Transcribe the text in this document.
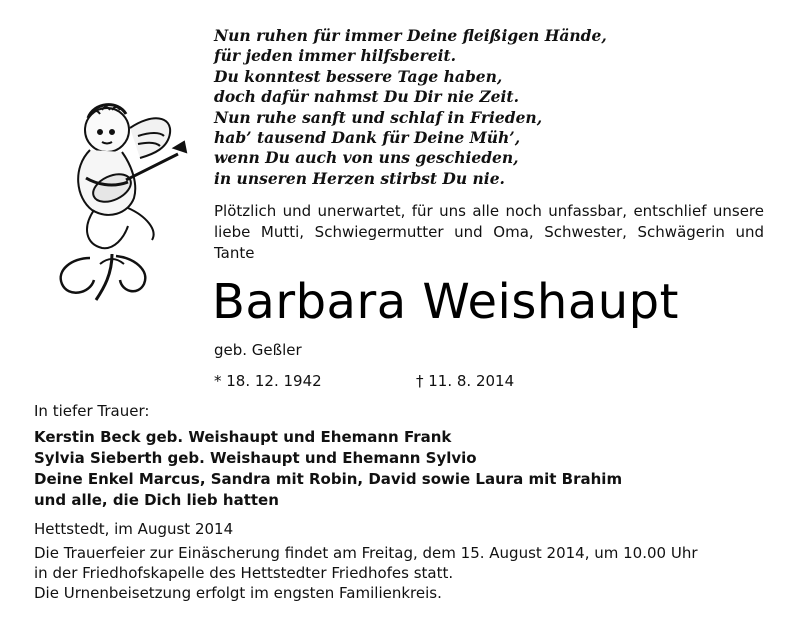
Nun ruhen für immer Deine fleißigen Hände,
für jeden immer hilfsbereit.
Du konntest bessere Tage haben,
doch dafür nahmst Du Dir nie Zeit.
Nun ruhe sanft und schlaf in Frieden,
hab’ tausend Dank für Deine Müh’,
wenn Du auch von uns geschieden,
in unseren Herzen stirbst Du nie.
Plötzlich und unerwartet, für uns alle noch unfassbar, entschlief unsere liebe Mutti, Schwiegermutter und Oma, Schwester, Schwägerin und Tante
Barbara Weishaupt
geb. Geßler
* 18. 12. 1942	† 11. 8. 2014
In tiefer Trauer:
Kerstin Beck geb. Weishaupt und Ehemann Frank
Sylvia Sieberth geb. Weishaupt und Ehemann Sylvio
Deine Enkel Marcus, Sandra mit Robin, David sowie Laura mit Brahim
und alle, die Dich lieb hatten
Hettstedt, im August 2014
Die Trauerfeier zur Einäscherung findet am Freitag, dem 15. August 2014, um 10.00 Uhr
in der Friedhofskapelle des Hettstedter Friedhofes statt.
Die Urnenbeisetzung erfolgt im engsten Familienkreis.
